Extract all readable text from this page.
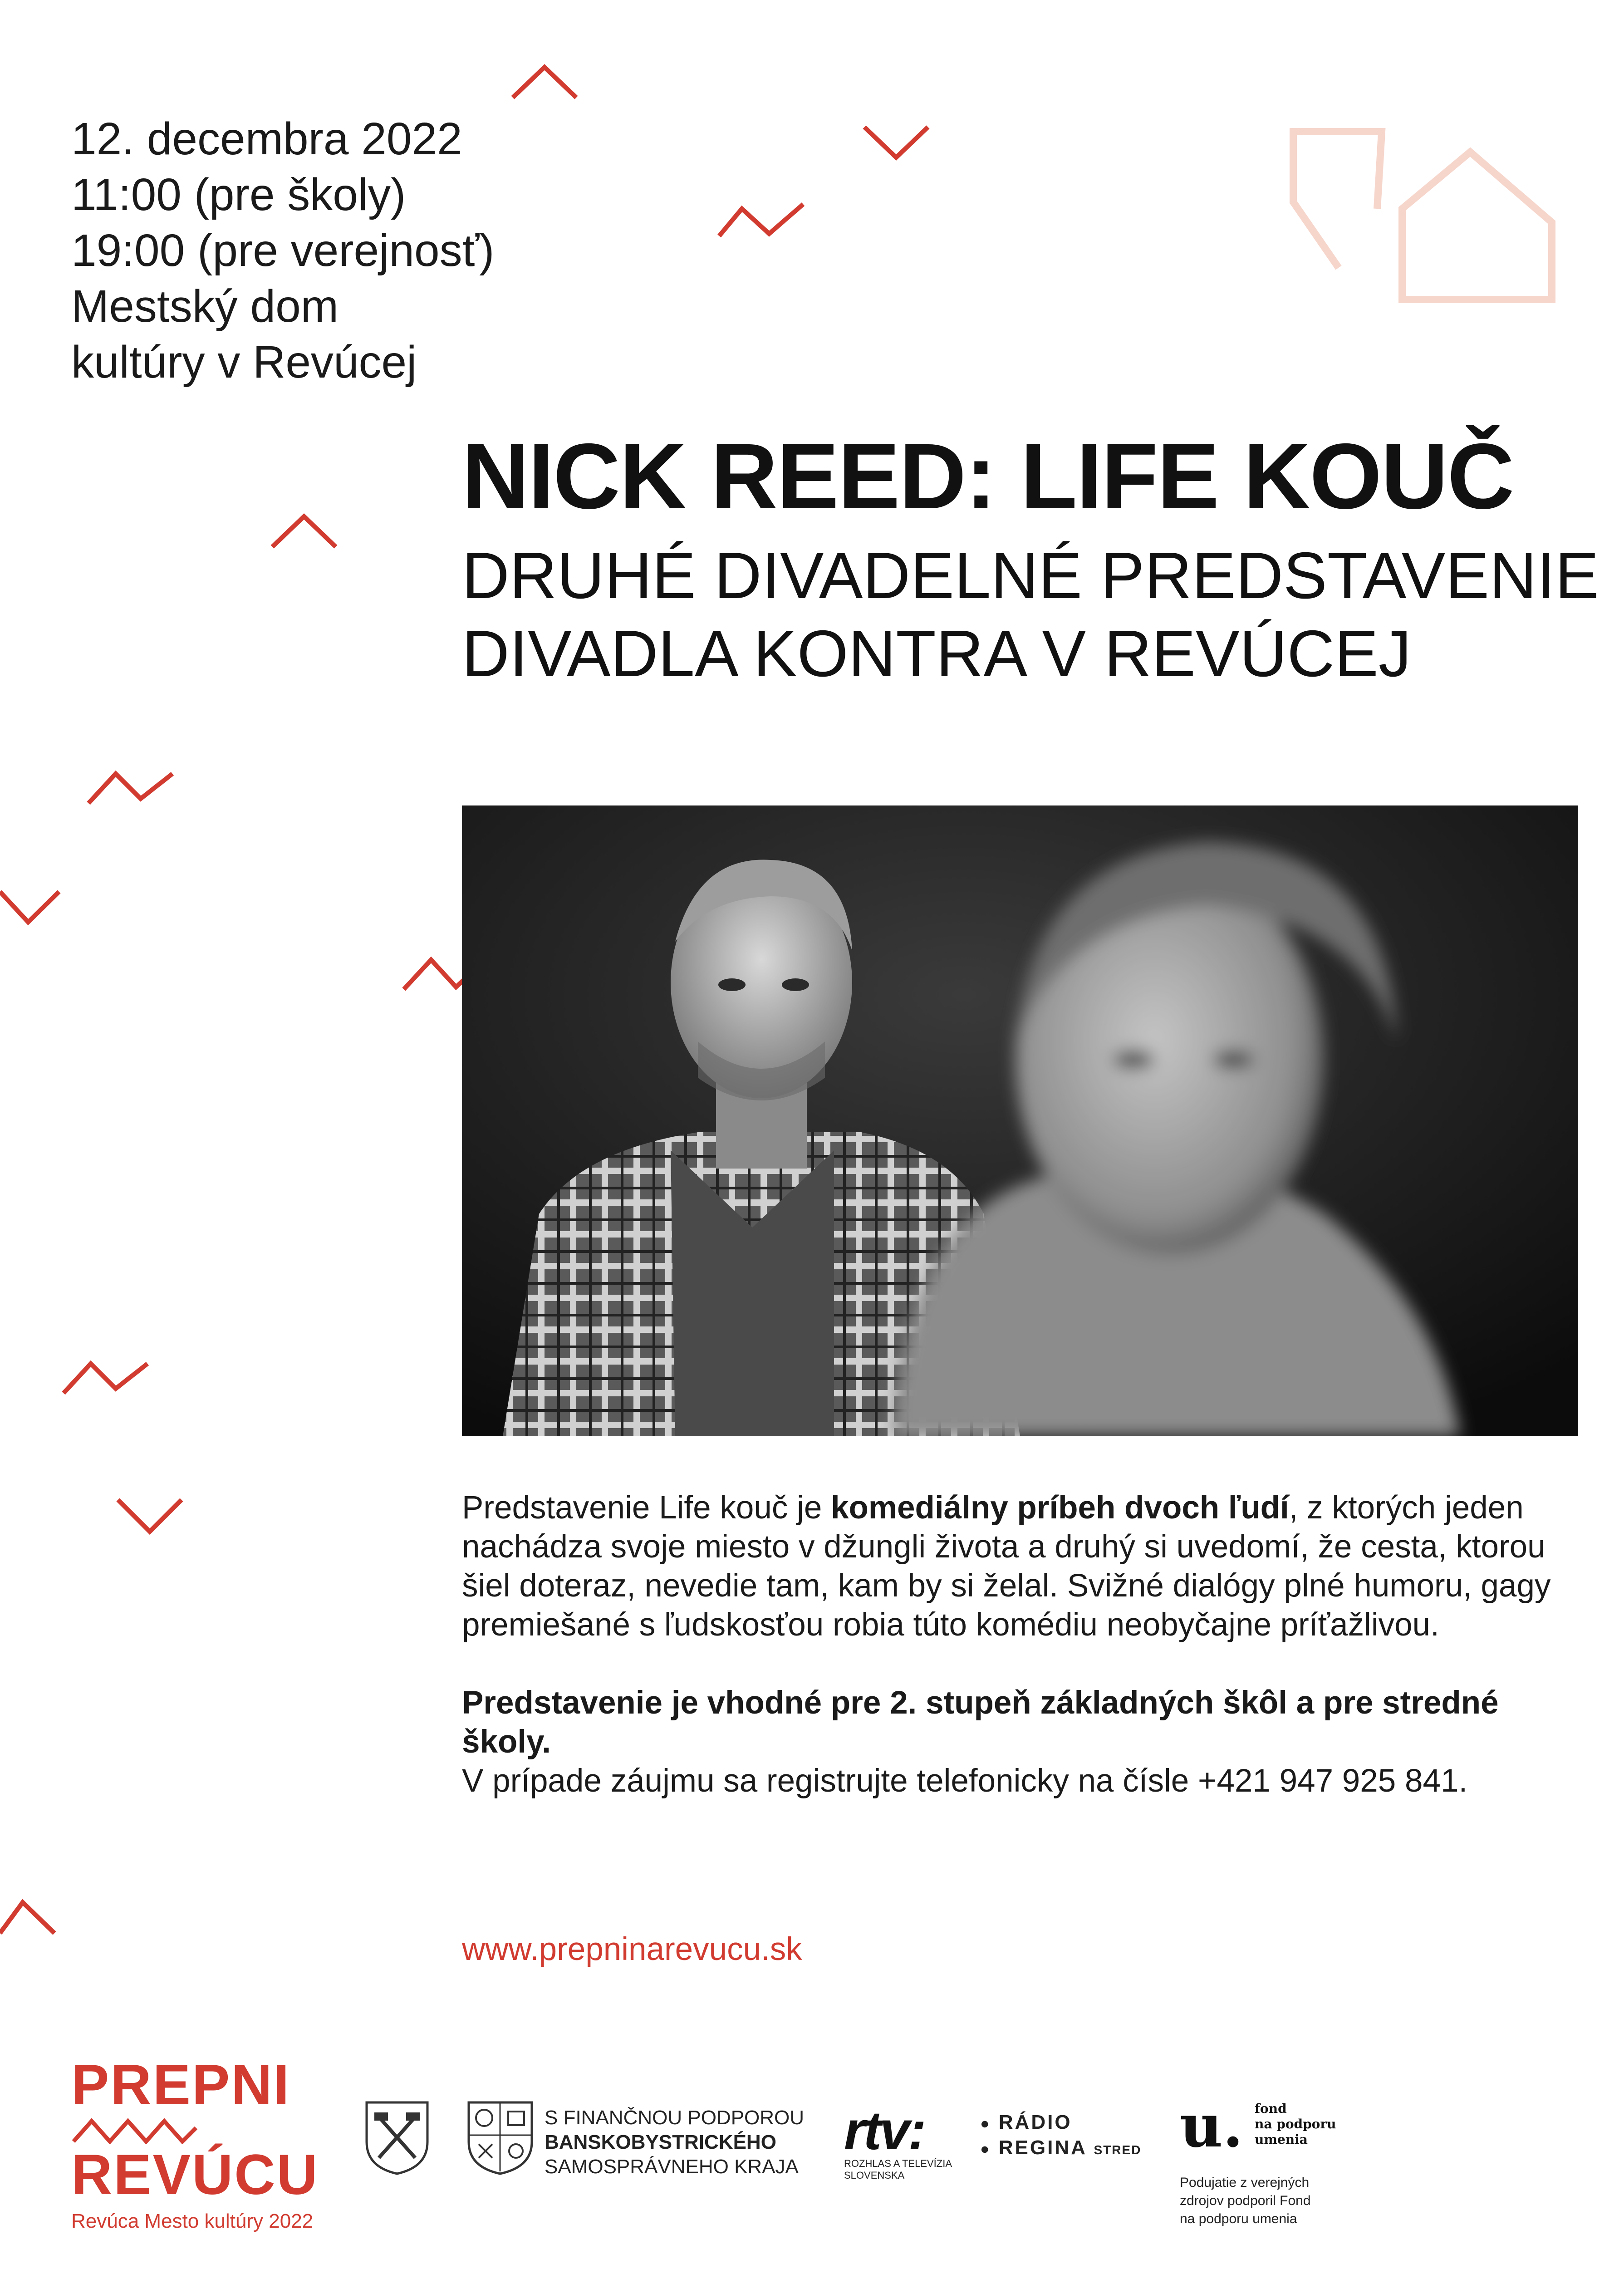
12. decembra 2022
11:00 (pre školy)
19:00 (pre verejnosť)
Mestský dom
kultúry v Revúcej
NICK REED: LIFE KOUČ
DRUHÉ DIVADELNÉ PREDSTAVENIE
DIVADLA KONTRA V REVÚCEJ

Predstavenie Life kouč je komediálny príbeh dvoch ľudí, z ktorých jeden nachádza svoje miesto v džungli života a druhý si uvedomí, že cesta, ktorou šiel doteraz, nevedie tam, kam by si želal. Svižné dialógy plné humoru, gagy premiešané s ľudskosťou robia túto komédiu neobyčajne príťažlivou.

Predstavenie je vhodné pre 2. stupeň základných škôl a pre stredné školy.
V prípade záujmu sa registrujte telefonicky na čísle +421 947 925 841.

www.prepninarevucu.sk
PREPNI
REVÚCU
Revúca Mesto kultúry 2022
S FINANČNOU PODPOROU
BANSKOBYSTRICKÉHO
SAMOSPRÁVNEHO KRAJA
rtv:
ROZHLAS A TELEVÍZIA
SLOVENSKA
● RÁDIO
● REGINA STRED u. fond
na podporu
umenia
Podujatie z verejných
zdrojov podporil Fond
na podporu umenia
